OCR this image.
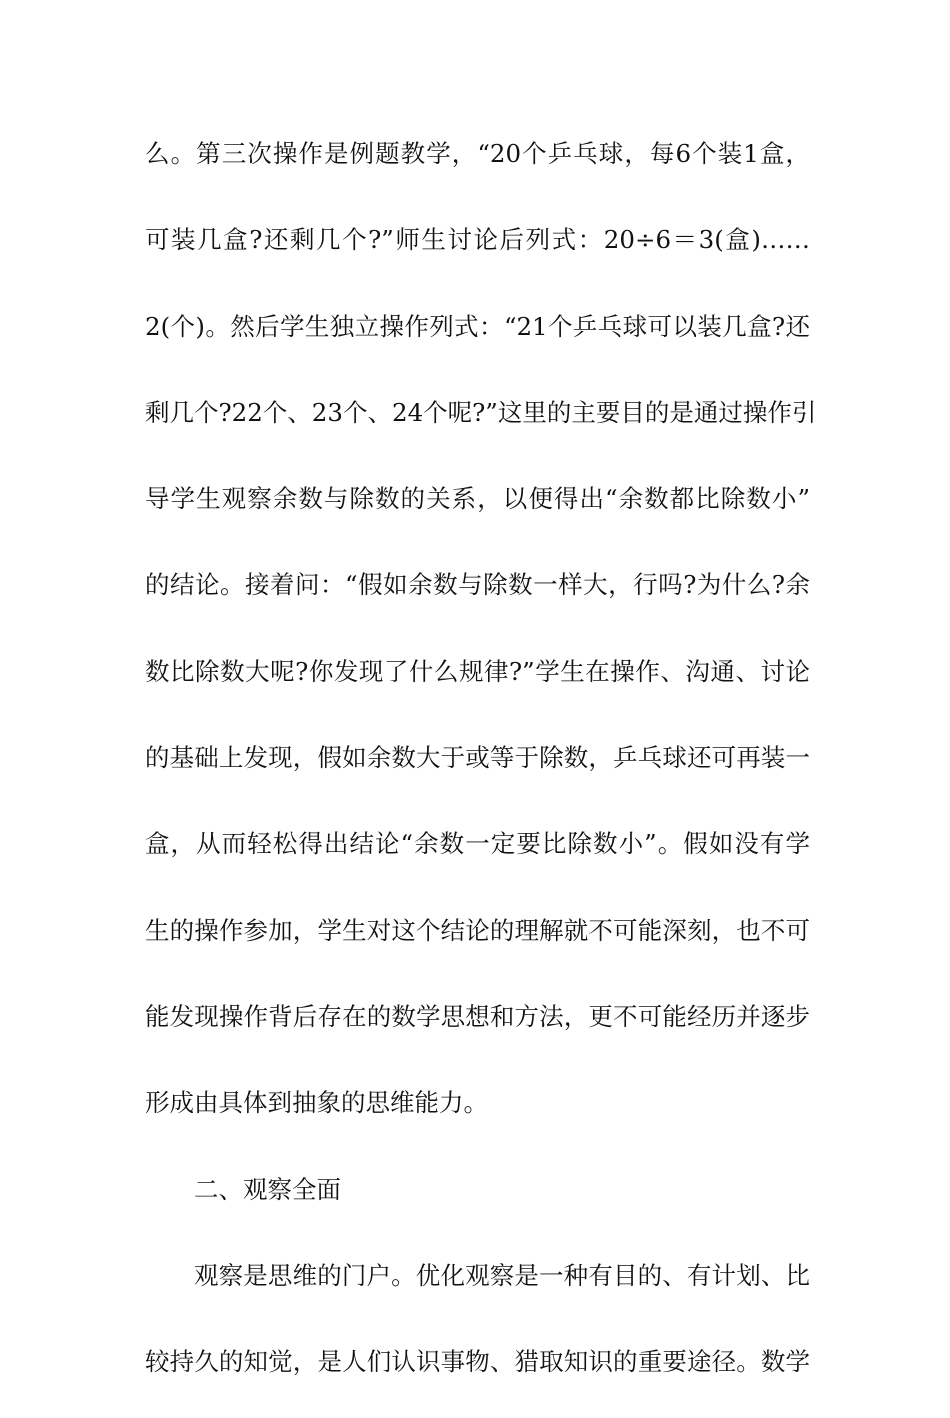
么。第三次操作是例题教学，“20个乒乓球，每6个装1盒，
可装几盒?还剩几个?”师生讨论后列式：20÷6＝3(盒)……
2(个)。然后学生独立操作列式：“21个乒乓球可以装几盒?还
剩几个?22个、23个、24个呢?”这里的主要目的是通过操作引
导学生观察余数与除数的关系，以便得出“余数都比除数小”
的结论。接着问：“假如余数与除数一样大，行吗?为什么?余
数比除数大呢?你发现了什么规律?”学生在操作、沟通、讨论
的基础上发现，假如余数大于或等于除数，乒乓球还可再装一
盒，从而轻松得出结论“余数一定要比除数小”。假如没有学
生的操作参加，学生对这个结论的理解就不可能深刻，也不可
能发现操作背后存在的数学思想和方法，更不可能经历并逐步
形成由具体到抽象的思维能力。
二、观察全面
观察是思维的门户。优化观察是一种有目的、有计划、比
较持久的知觉，是人们认识事物、猎取知识的重要途径。数学
